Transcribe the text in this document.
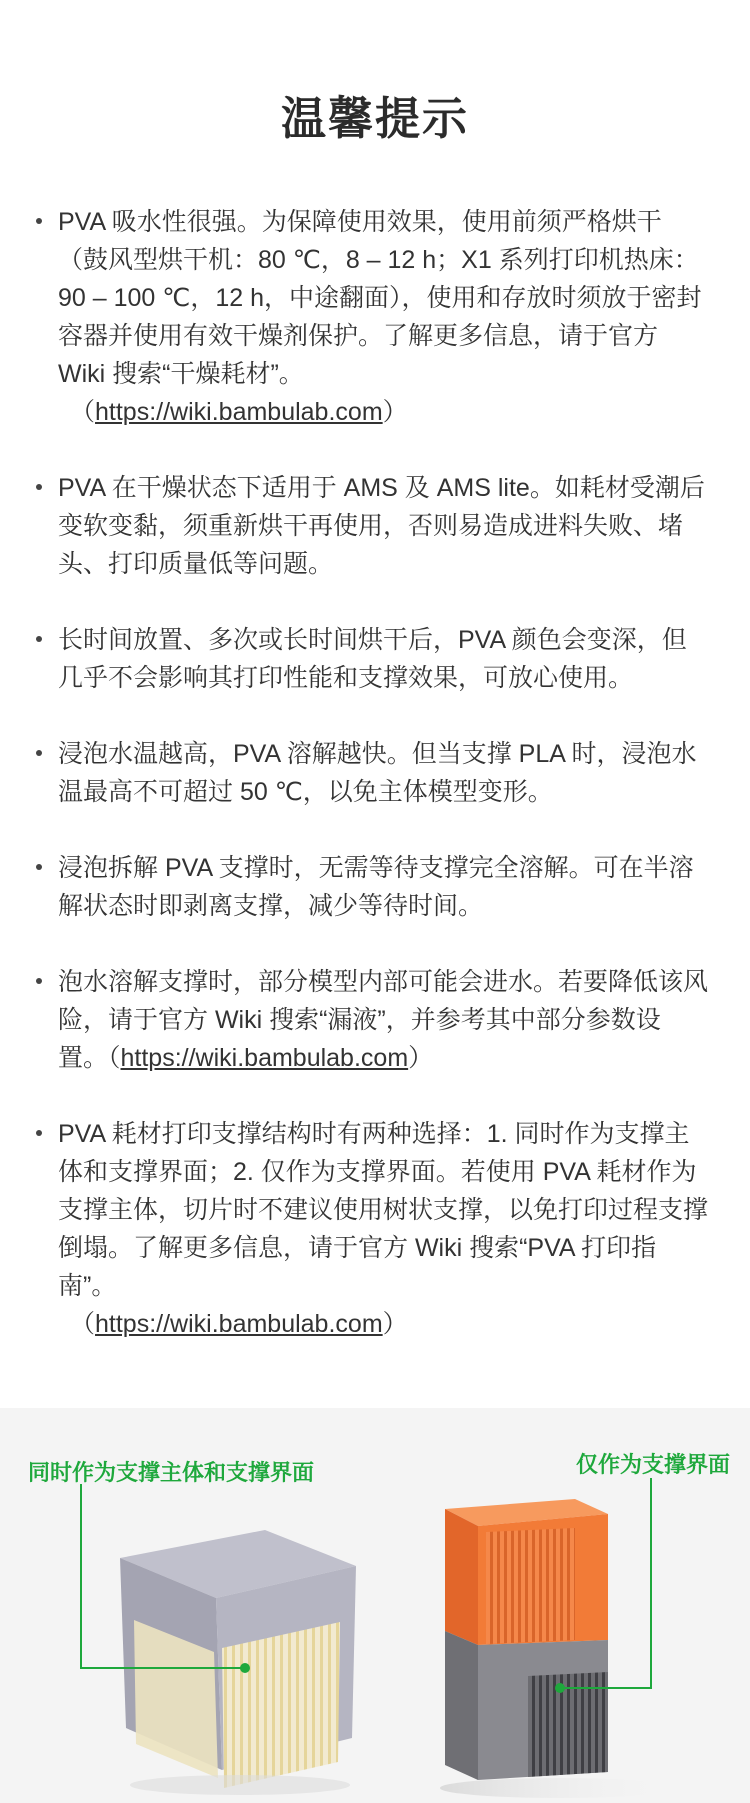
温馨提示
PVA 吸水性很强。为保障使用效果，使用前须严格烘干（鼓风型烘干机：80 ℃，8 – 12 h；X1 系列打印机热床：90 – 100 ℃，12 h，中途翻面），使用和存放时须放于密封容器并使用有效干燥剂保护。了解更多信息，请于官方 Wiki 搜索“干燥耗材”。
（https://wiki.bambulab.com）
PVA 在干燥状态下适用于 AMS 及 AMS lite。如耗材受潮后变软变黏，须重新烘干再使用，否则易造成进料失败、堵头、打印质量低等问题。
长时间放置、多次或长时间烘干后，PVA 颜色会变深，但几乎不会影响其打印性能和支撑效果，可放心使用。
浸泡水温越高，PVA 溶解越快。但当支撑 PLA 时，浸泡水温最高不可超过 50 ℃，以免主体模型变形。
浸泡拆解 PVA 支撑时，无需等待支撑完全溶解。可在半溶解状态时即剥离支撑，减少等待时间。
泡水溶解支撑时，部分模型内部可能会进水。若要降低该风险，请于官方 Wiki 搜索“漏液”，并参考其中部分参数设置。（https://wiki.bambulab.com）
PVA 耗材打印支撑结构时有两种选择：1. 同时作为支撑主体和支撑界面；2. 仅作为支撑界面。若使用 PVA 耗材作为支撑主体，切片时不建议使用树状支撑，以免打印过程支撑倒塌。了解更多信息，请于官方 Wiki 搜索“PVA 打印指南”。
（https://wiki.bambulab.com）
同时作为支撑主体和支撑界面	仅作为支撑界面
